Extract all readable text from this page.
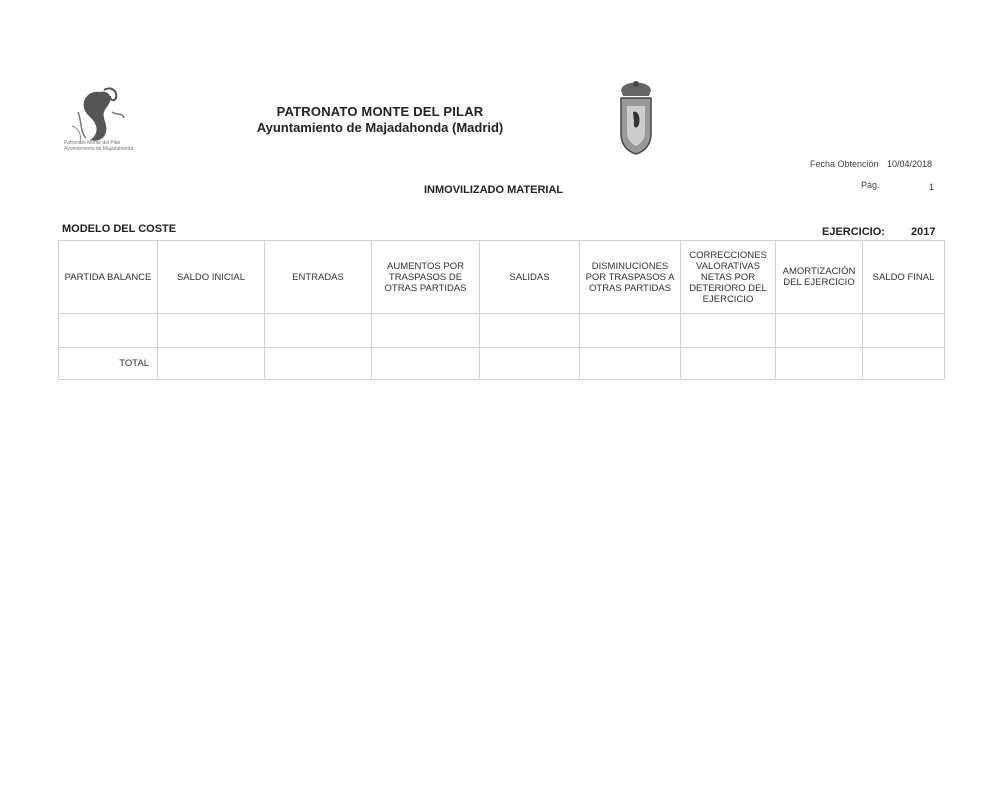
Patronato Monte del Pilar
Ayuntamiento de Majadahonda
PATRONATO MONTE DEL PILAR
Ayuntamiento de Majadahonda (Madrid)
Fecha Obtención 10/04/2018
Pág.	1
INMOVILIZADO MATERIAL
MODELO DEL COSTE	EJERCICIO: 2017
PARTIDA BALANCE	SALDO INICIAL	ENTRADAS	AUMENTOS POR TRASPASOS DE OTRAS PARTIDAS	SALIDAS	DISMINUCIONES POR TRASPASOS A OTRAS PARTIDAS	CORRECCIONES VALORATIVAS NETAS POR DETERIORO DEL EJERCICIO	AMORTIZACIÓN DEL EJERCICIO	SALDO FINAL

TOTAL								
